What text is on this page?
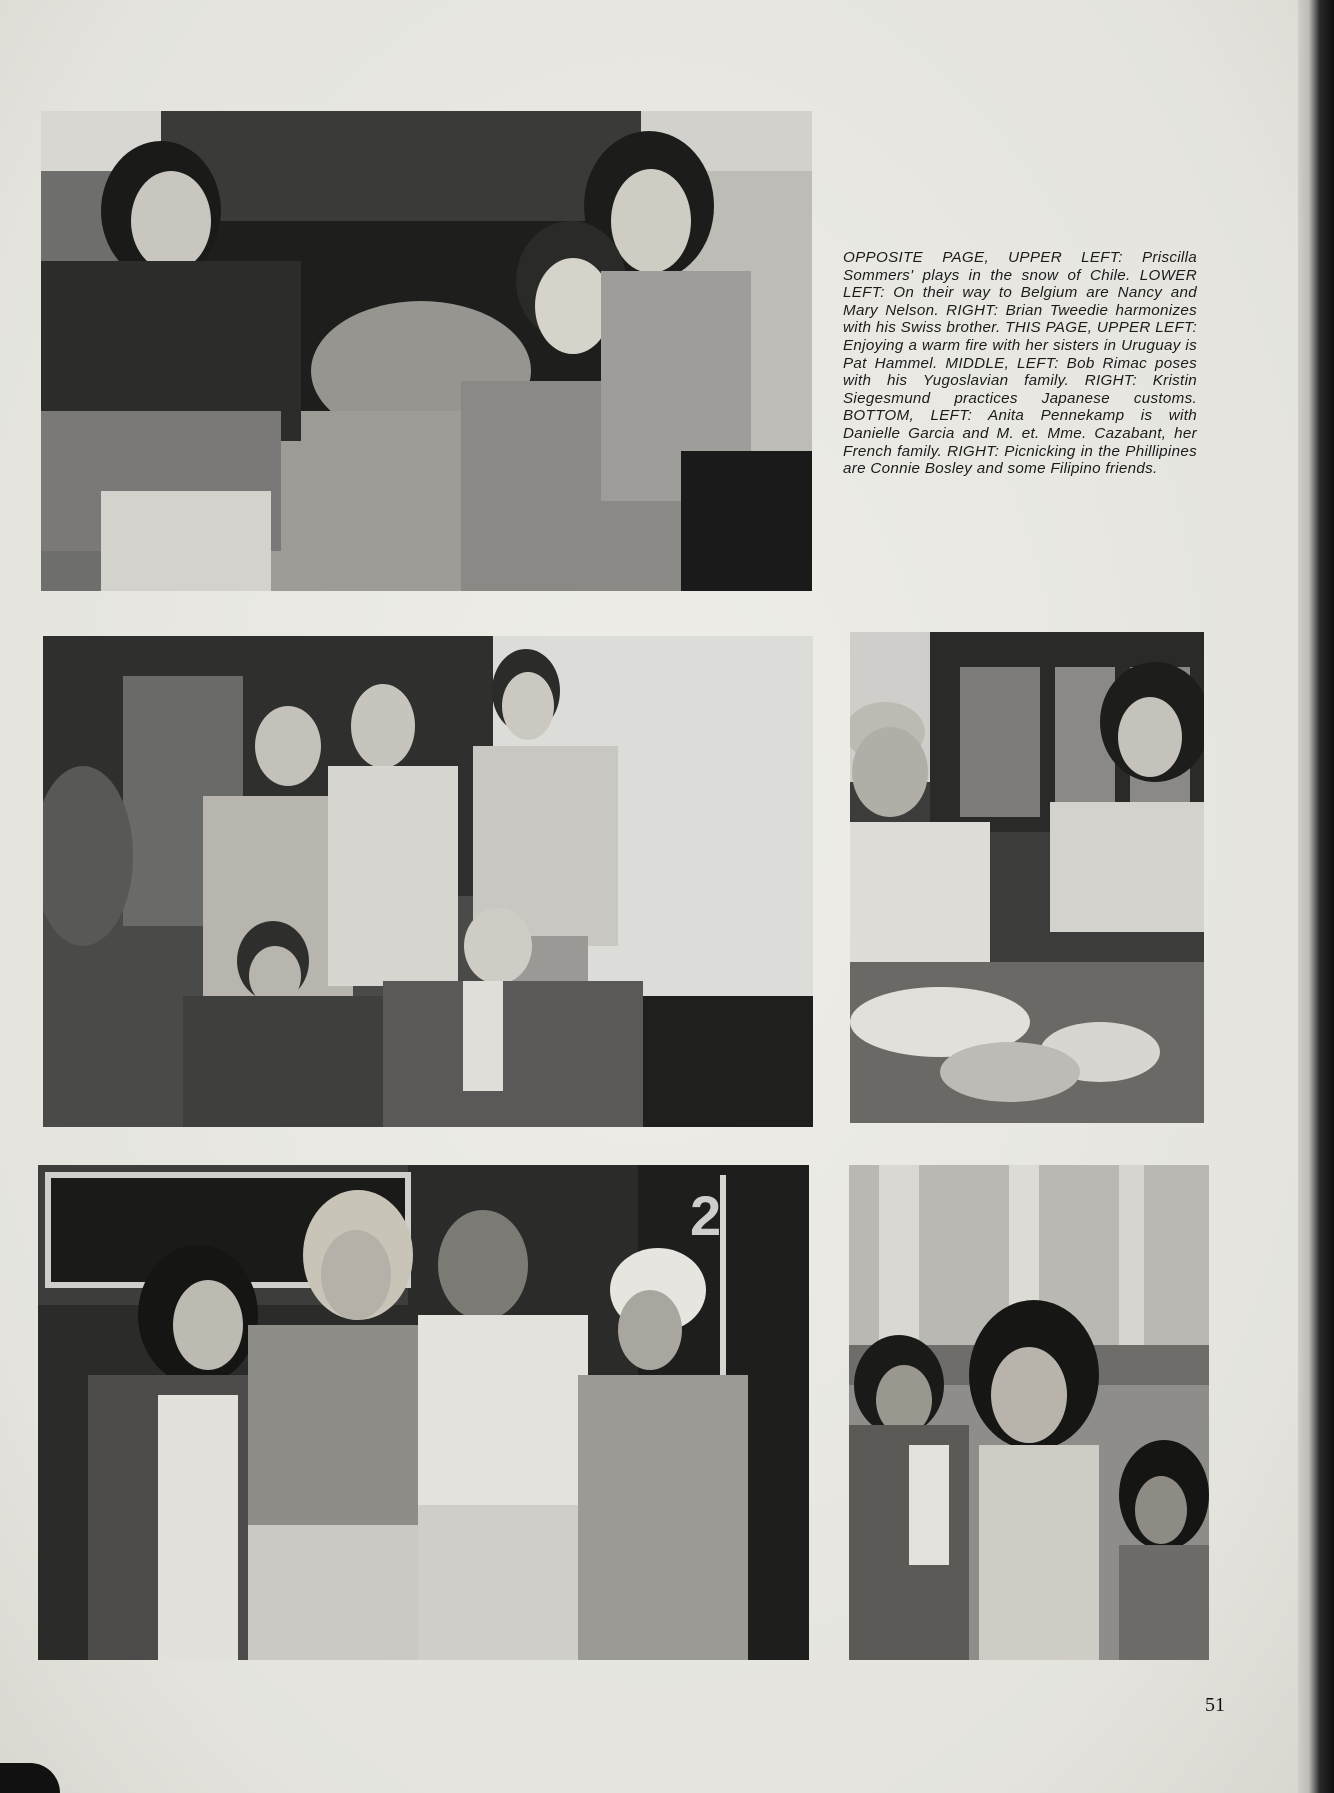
OPPOSITE PAGE, UPPER LEFT: Priscilla Sommers' plays in the snow of Chile. LOWER LEFT: On their way to Belgium are Nancy and Mary Nelson. RIGHT: Brian Tweedie harmonizes with his Swiss brother. THIS PAGE, UPPER LEFT: Enjoying a warm fire with her sisters in Uruguay is Pat Hammel. MIDDLE, LEFT: Bob Rimac poses with his Yugoslavian family. RIGHT: Kristin Siegesmund practices Japanese customs. BOTTOM, LEFT: Anita Pennekamp is with Danielle Garcia and M. et. Mme. Cazabant, her French family. RIGHT: Picnicking in the Phillipines are Connie Bosley and some Filipino friends.
2
51
